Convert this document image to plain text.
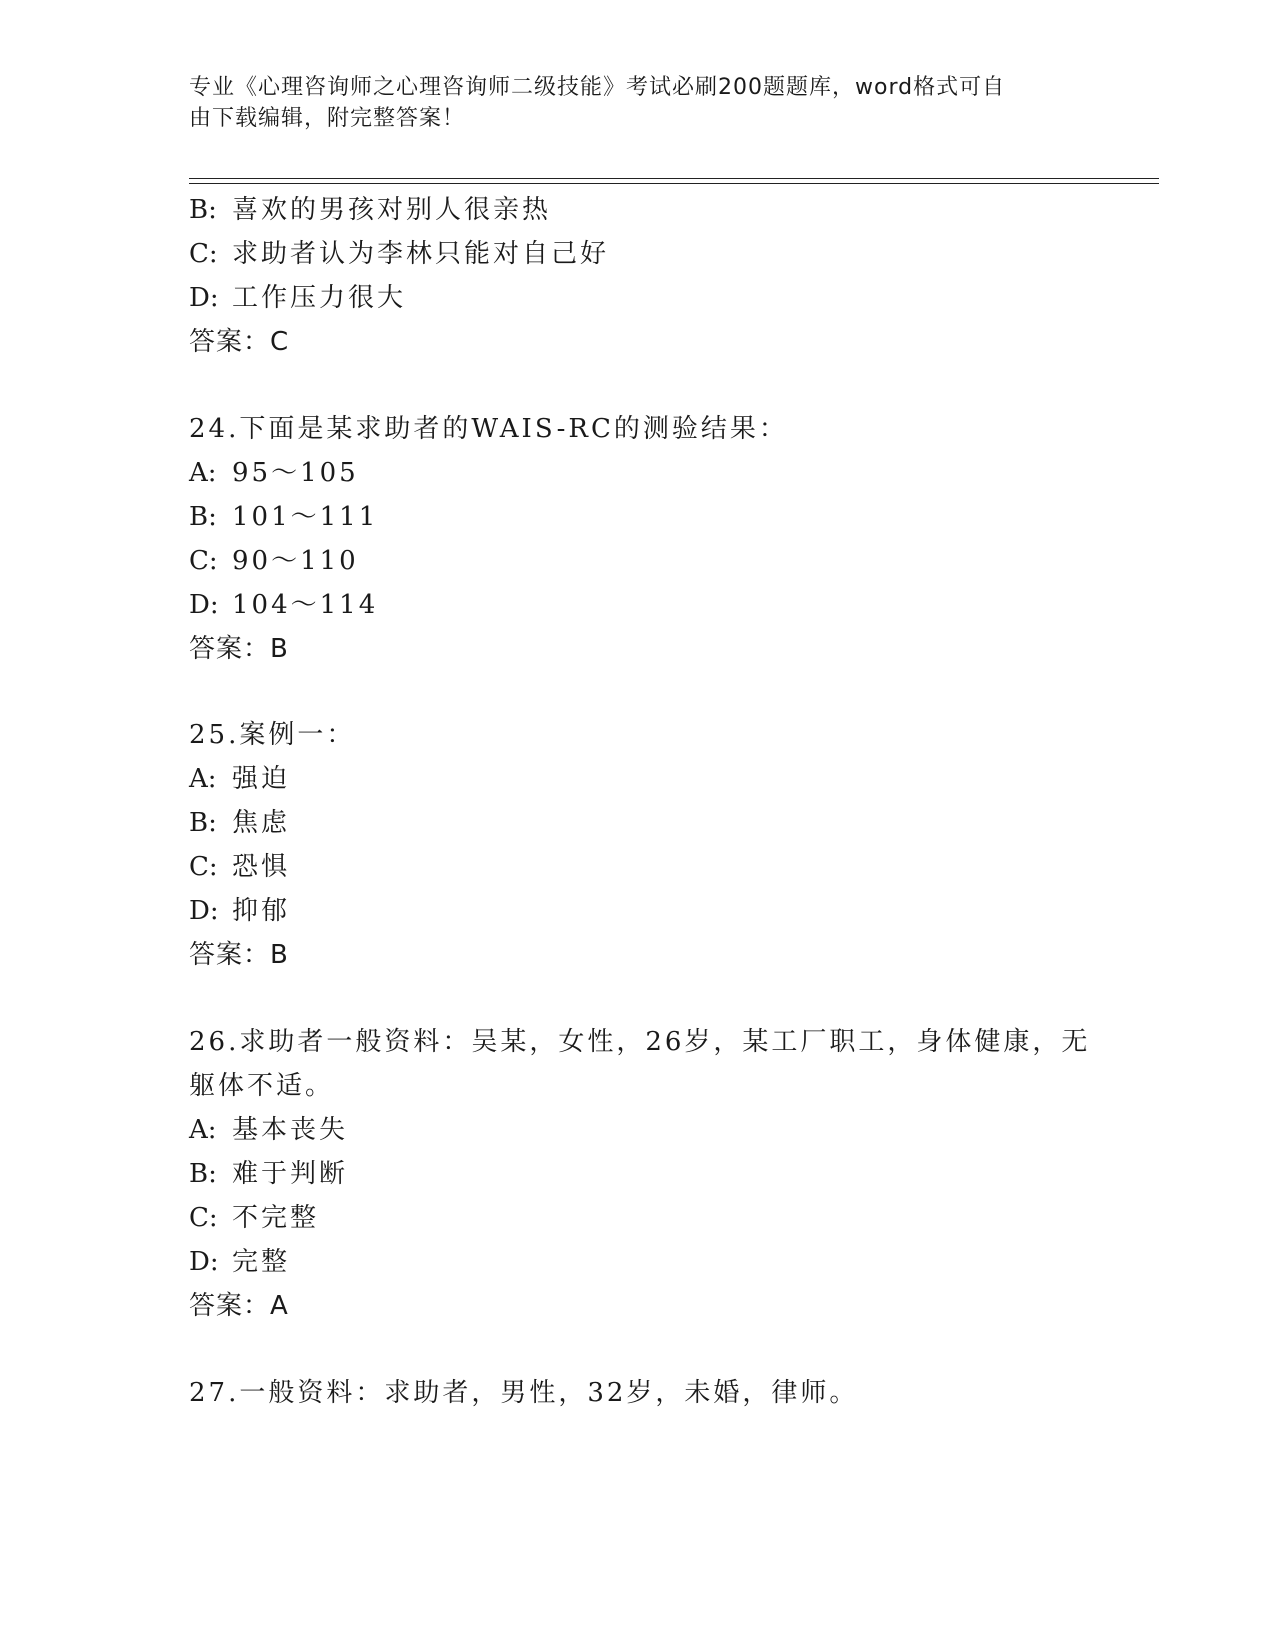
专业《心理咨询师之心理咨询师二级技能》考试必刷200题题库，word格式可自
由下载编辑，附完整答案！
B: 喜欢的男孩对别人很亲热
C: 求助者认为李林只能对自己好
D: 工作压力很大
答案：C
24.下面是某求助者的WAIS-RC的测验结果：
A: 95～105
B: 101～111
C: 90～110
D: 104～114
答案：B
25.案例一：
A: 强迫
B: 焦虑
C: 恐惧
D: 抑郁
答案：B
26.求助者一般资料：吴某，女性，26岁，某工厂职工，身体健康，无
躯体不适。
A: 基本丧失
B: 难于判断
C: 不完整
D: 完整
答案：A
27.一般资料：求助者，男性，32岁，未婚，律师。
